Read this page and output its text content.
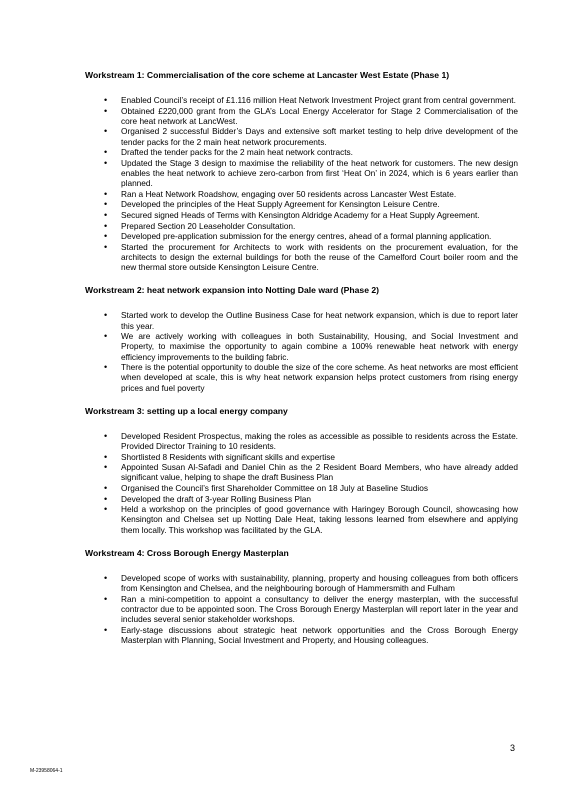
Workstream 1: Commercialisation of the core scheme at Lancaster West Estate (Phase 1)
• Enabled Council’s receipt of £1.116 million Heat Network Investment Project grant from central government.
• Obtained £220,000 grant from the GLA’s Local Energy Accelerator for Stage 2 Commercialisation of the core heat network at LancWest.
• Organised 2 successful Bidder’s Days and extensive soft market testing to help drive development of the tender packs for the 2 main heat network procurements.
• Drafted the tender packs for the 2 main heat network contracts.
• Updated the Stage 3 design to maximise the reliability of the heat network for customers. The new design enables the heat network to achieve zero-carbon from first ‘Heat On’ in 2024, which is 6 years earlier than planned.
• Ran a Heat Network Roadshow, engaging over 50 residents across Lancaster West Estate.
• Developed the principles of the Heat Supply Agreement for Kensington Leisure Centre.
• Secured signed Heads of Terms with Kensington Aldridge Academy for a Heat Supply Agreement.
• Prepared Section 20 Leaseholder Consultation.
• Developed pre-application submission for the energy centres, ahead of a formal planning application.
• Started the procurement for Architects to work with residents on the procurement evaluation, for the architects to design the external buildings for both the reuse of the Camelford Court boiler room and the new thermal store outside Kensington Leisure Centre.
Workstream 2: heat network expansion into Notting Dale ward (Phase 2)
• Started work to develop the Outline Business Case for heat network expansion, which is due to report later this year.
• We are actively working with colleagues in both Sustainability, Housing, and Social Investment and Property, to maximise the opportunity to again combine a 100% renewable heat network with energy efficiency improvements to the building fabric.
• There is the potential opportunity to double the size of the core scheme. As heat networks are most efficient when developed at scale, this is why heat network expansion helps protect customers from rising energy prices and fuel poverty
Workstream 3: setting up a local energy company
• Developed Resident Prospectus, making the roles as accessible as possible to residents across the Estate. Provided Director Training to 10 residents.
• Shortlisted 8 Residents with significant skills and expertise
• Appointed Susan Al-Safadi and Daniel Chin as the 2 Resident Board Members, who have already added significant value, helping to shape the draft Business Plan
• Organised the Council’s first Shareholder Committee on 18 July at Baseline Studios
• Developed the draft of 3-year Rolling Business Plan
• Held a workshop on the principles of good governance with Haringey Borough Council, showcasing how Kensington and Chelsea set up Notting Dale Heat, taking lessons learned from elsewhere and applying them locally. This workshop was facilitated by the GLA.
Workstream 4: Cross Borough Energy Masterplan
• Developed scope of works with sustainability, planning, property and housing colleagues from both officers from Kensington and Chelsea, and the neighbouring borough of Hammersmith and Fulham
• Ran a mini-competition to appoint a consultancy to deliver the energy masterplan, with the successful contractor due to be appointed soon. The Cross Borough Energy Masterplan will report later in the year and includes several senior stakeholder workshops.
• Early-stage discussions about strategic heat network opportunities and the Cross Borough Energy Masterplan with Planning, Social Investment and Property, and Housing colleagues.
3
M-23958064-1
